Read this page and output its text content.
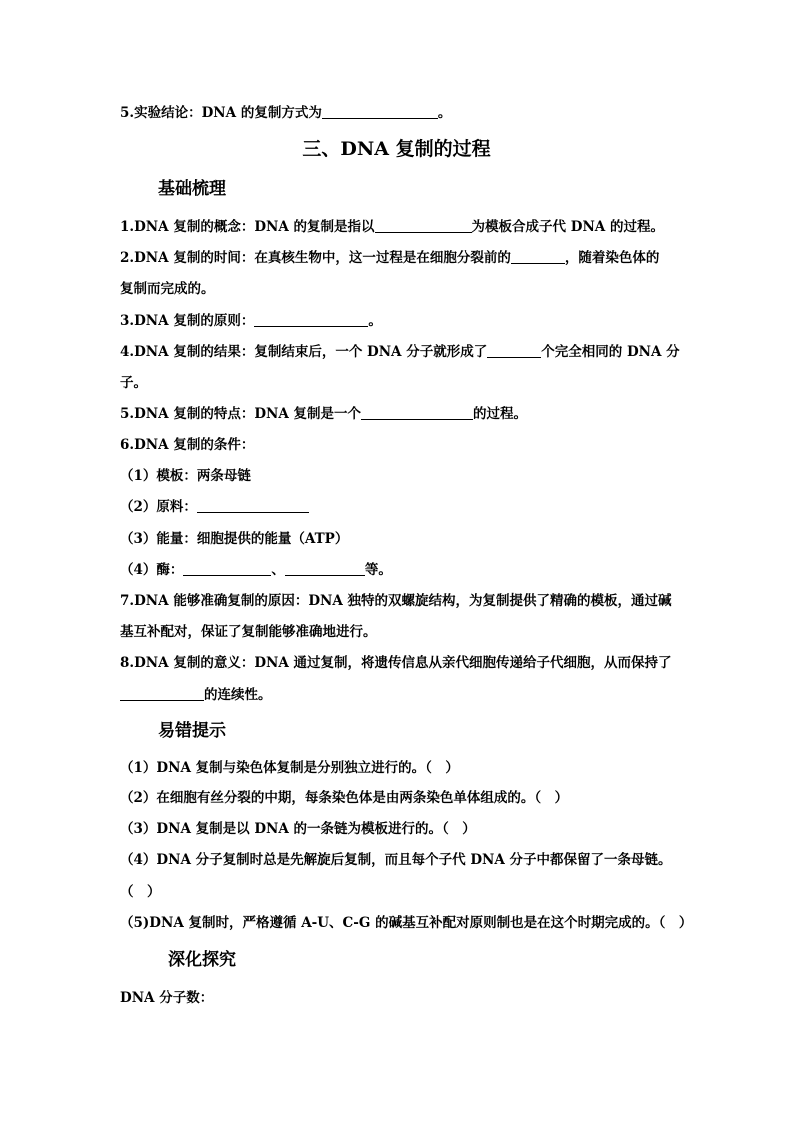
5.实验结论：DNA 的复制方式为	。
三、DNA 复制的过程
基础梳理
1.DNA 复制的概念：DNA 的复制是指以	为模板合成子代 DNA 的过程。
2.DNA 复制的时间：在真核生物中，这一过程是在细胞分裂前的	，随着染色体的
复制而完成的。
3.DNA 复制的原则：	。
4.DNA 复制的结果：复制结束后，一个 DNA 分子就形成了	个完全相同的 DNA 分
子。
5.DNA 复制的特点：DNA 复制是一个	的过程。
6.DNA 复制的条件：
（1）模板：两条母链
（2）原料：
（3）能量：细胞提供的能量（ATP）
（4）酶：	、	等。
7.DNA 能够准确复制的原因：DNA 独特的双螺旋结构，为复制提供了精确的模板，通过碱
基互补配对，保证了复制能够准确地进行。
8.DNA 复制的意义：DNA 通过复制，将遗传信息从亲代细胞传递给子代细胞，从而保持了
的连续性。
易错提示
（1）DNA 复制与染色体复制是分别独立进行的。（　）
（2）在细胞有丝分裂的中期，每条染色体是由两条染色单体组成的。（　）
（3）DNA 复制是以 DNA 的一条链为模板进行的。（　）
（4）DNA 分子复制时总是先解旋后复制，而且每个子代 DNA 分子中都保留了一条母链。
（　）
（5)DNA 复制时，严格遵循 A-U、C-G 的碱基互补配对原则制也是在这个时期完成的。（　）
深化探究
DNA 分子数：
